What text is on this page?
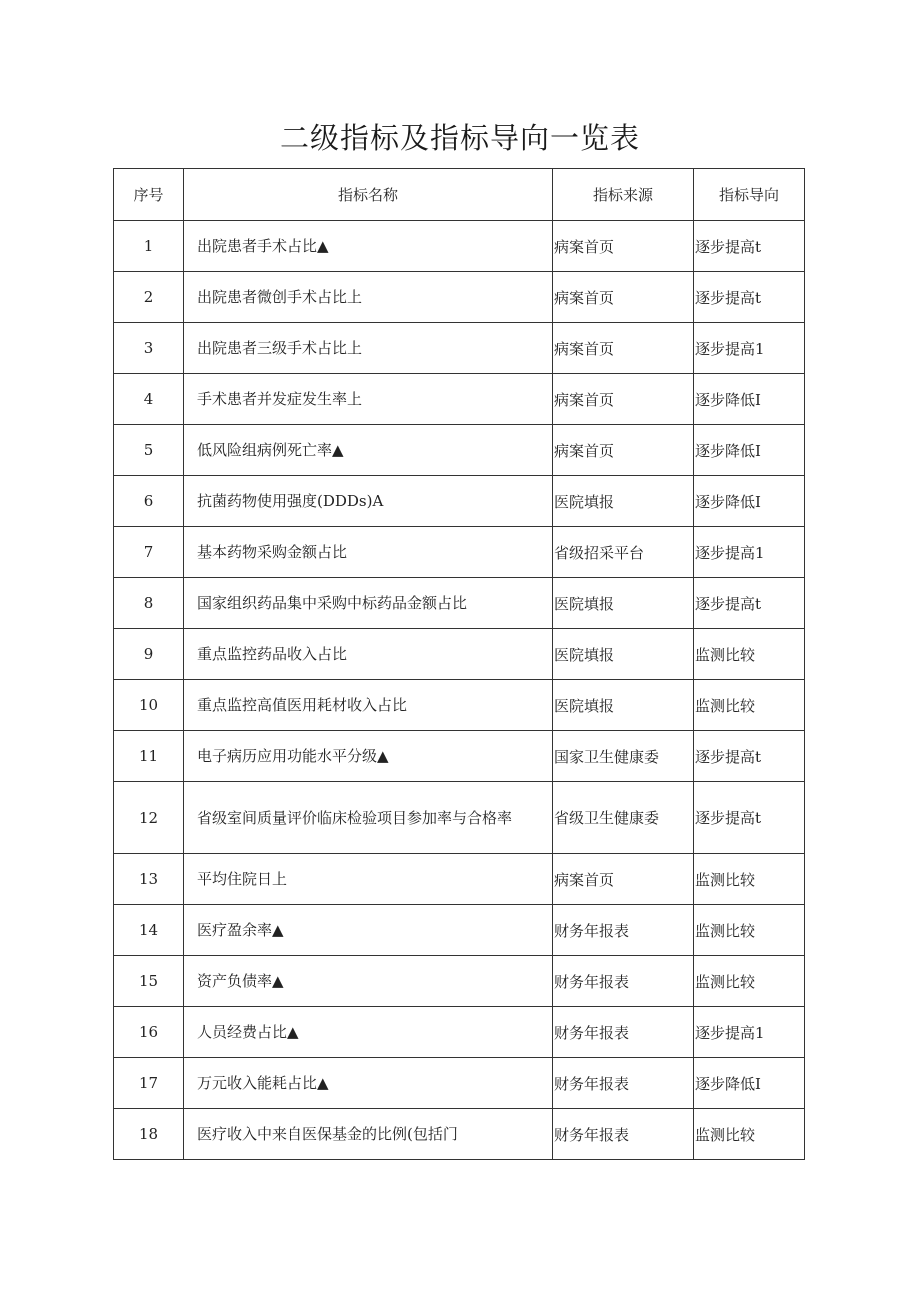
二级指标及指标导向一览表
序号	指标名称	指标来源	指标导向
1	出院患者手术占比▲	病案首页	逐步提高t
2	出院患者微创手术占比上	病案首页	逐步提高t
3	出院患者三级手术占比上	病案首页	逐步提高1
4	手术患者并发症发生率上	病案首页	逐步降低I
5	低风险组病例死亡率▲	病案首页	逐步降低I
6	抗菌药物使用强度(DDDs)A	医院填报	逐步降低I
7	基本药物采购金额占比	省级招采平台	逐步提高1
8	国家组织药品集中采购中标药品金额占比	医院填报	逐步提高t
9	重点监控药品收入占比	医院填报	监测比较
10	重点监控高值医用耗材收入占比	医院填报	监测比较
11	电子病历应用功能水平分级▲	国家卫生健康委	逐步提高t
12	省级室间质量评价临床检验项目参加率与合格率	省级卫生健康委	逐步提高t
13	平均住院日上	病案首页	监测比较
14	医疗盈余率▲	财务年报表	监测比较
15	资产负债率▲	财务年报表	监测比较
16	人员经费占比▲	财务年报表	逐步提高1
17	万元收入能耗占比▲	财务年报表	逐步降低I
18	医疗收入中来自医保基金的比例(包括门	财务年报表	监测比较
